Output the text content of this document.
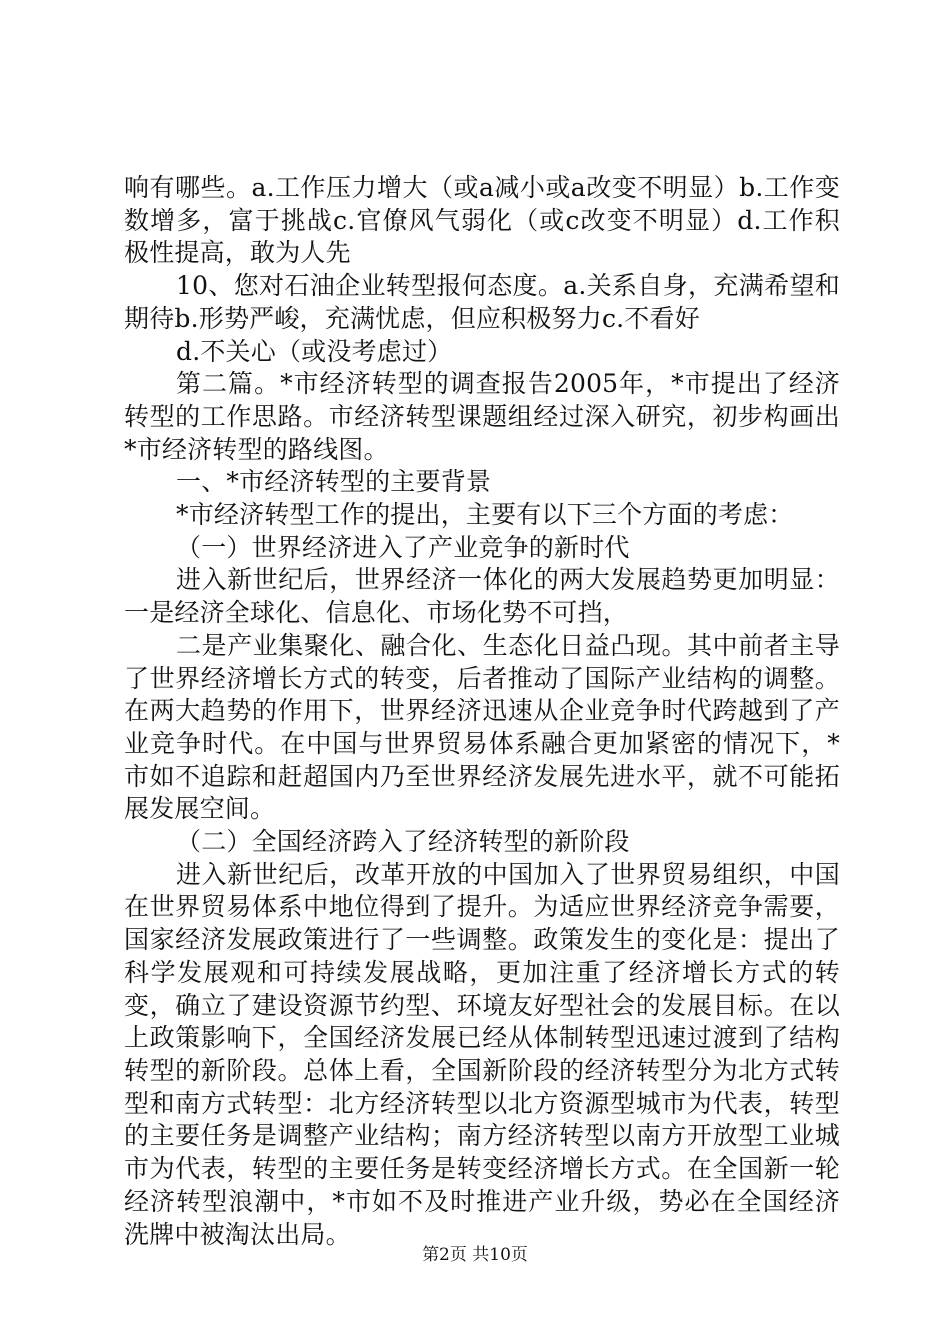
响有哪些。a.工作压力增大（或a减小或a改变不明显）b.工作变数增多，富于挑战c.官僚风气弱化（或c改变不明显）d.工作积极性提高，敢为人先

10、您对石油企业转型报何态度。a.关系自身，充满希望和期待b.形势严峻，充满忧虑，但应积极努力c.不看好

d.不关心（或没考虑过）

第二篇。*市经济转型的调查报告2005年，*市提出了经济转型的工作思路。市经济转型课题组经过深入研究，初步构画出*市经济转型的路线图。

一、*市经济转型的主要背景

*市经济转型工作的提出，主要有以下三个方面的考虑：

（一）世界经济进入了产业竞争的新时代

进入新世纪后，世界经济一体化的两大发展趋势更加明显：一是经济全球化、信息化、市场化势不可挡，

二是产业集聚化、融合化、生态化日益凸现。其中前者主导了世界经济增长方式的转变，后者推动了国际产业结构的调整。在两大趋势的作用下，世界经济迅速从企业竞争时代跨越到了产业竞争时代。在中国与世界贸易体系融合更加紧密的情况下，*市如不追踪和赶超国内乃至世界经济发展先进水平，就不可能拓展发展空间。

（二）全国经济跨入了经济转型的新阶段

进入新世纪后，改革开放的中国加入了世界贸易组织，中国在世界贸易体系中地位得到了提升。为适应世界经济竞争需要，国家经济发展政策进行了一些调整。政策发生的变化是：提出了科学发展观和可持续发展战略，更加注重了经济增长方式的转变，确立了建设资源节约型、环境友好型社会的发展目标。在以上政策影响下，全国经济发展已经从体制转型迅速过渡到了结构转型的新阶段。总体上看，全国新阶段的经济转型分为北方式转型和南方式转型：北方经济转型以北方资源型城市为代表，转型的主要任务是调整产业结构；南方经济转型以南方开放型工业城市为代表，转型的主要任务是转变经济增长方式。在全国新一轮经济转型浪潮中，*市如不及时推进产业升级，势必在全国经济洗牌中被淘汰出局。

第2页 共10页
